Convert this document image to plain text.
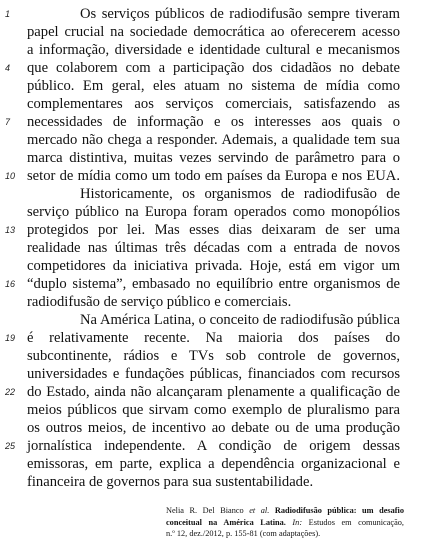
1
4
7
10
13
16
19
22
25
Os serviços públicos de radiodifusão sempre tiveram
papel crucial na sociedade democrática ao oferecerem acesso
a informação, diversidade e identidade cultural e mecanismos
que colaborem com a participação dos cidadãos no debate
público. Em geral, eles atuam no sistema de mídia como
complementares aos serviços comerciais, satisfazendo as
necessidades de informação e os interesses aos quais o
mercado não chega a responder. Ademais, a qualidade tem sua
marca distintiva, muitas vezes servindo de parâmetro para o
setor de mídia como um todo em países da Europa e nos EUA.
Historicamente, os organismos de radiodifusão de
serviço público na Europa foram operados como monopólios
protegidos por lei. Mas esses dias deixaram de ser uma
realidade nas últimas três décadas com a entrada de novos
competidores da iniciativa privada. Hoje, está em vigor um
“duplo sistema”, embasado no equilíbrio entre organismos de
radiodifusão de serviço público e comerciais.
Na América Latina, o conceito de radiodifusão pública
é relativamente recente. Na maioria dos países do
subcontinente, rádios e TVs sob controle de governos,
universidades e fundações públicas, financiados com recursos
do Estado, ainda não alcançaram plenamente a qualificação de
meios públicos que sirvam como exemplo de pluralismo para
os outros meios, de incentivo ao debate ou de uma produção
jornalística independente. A condição de origem dessas
emissoras, em parte, explica a dependência organizacional e
financeira de governos para sua sustentabilidade.
Nelia R. Del Bianco et al. Radiodifusão pública: um desafio
conceitual na América Latina. In: Estudos em comunicação,
n.º 12, dez./2012, p. 155-81 (com adaptações).
